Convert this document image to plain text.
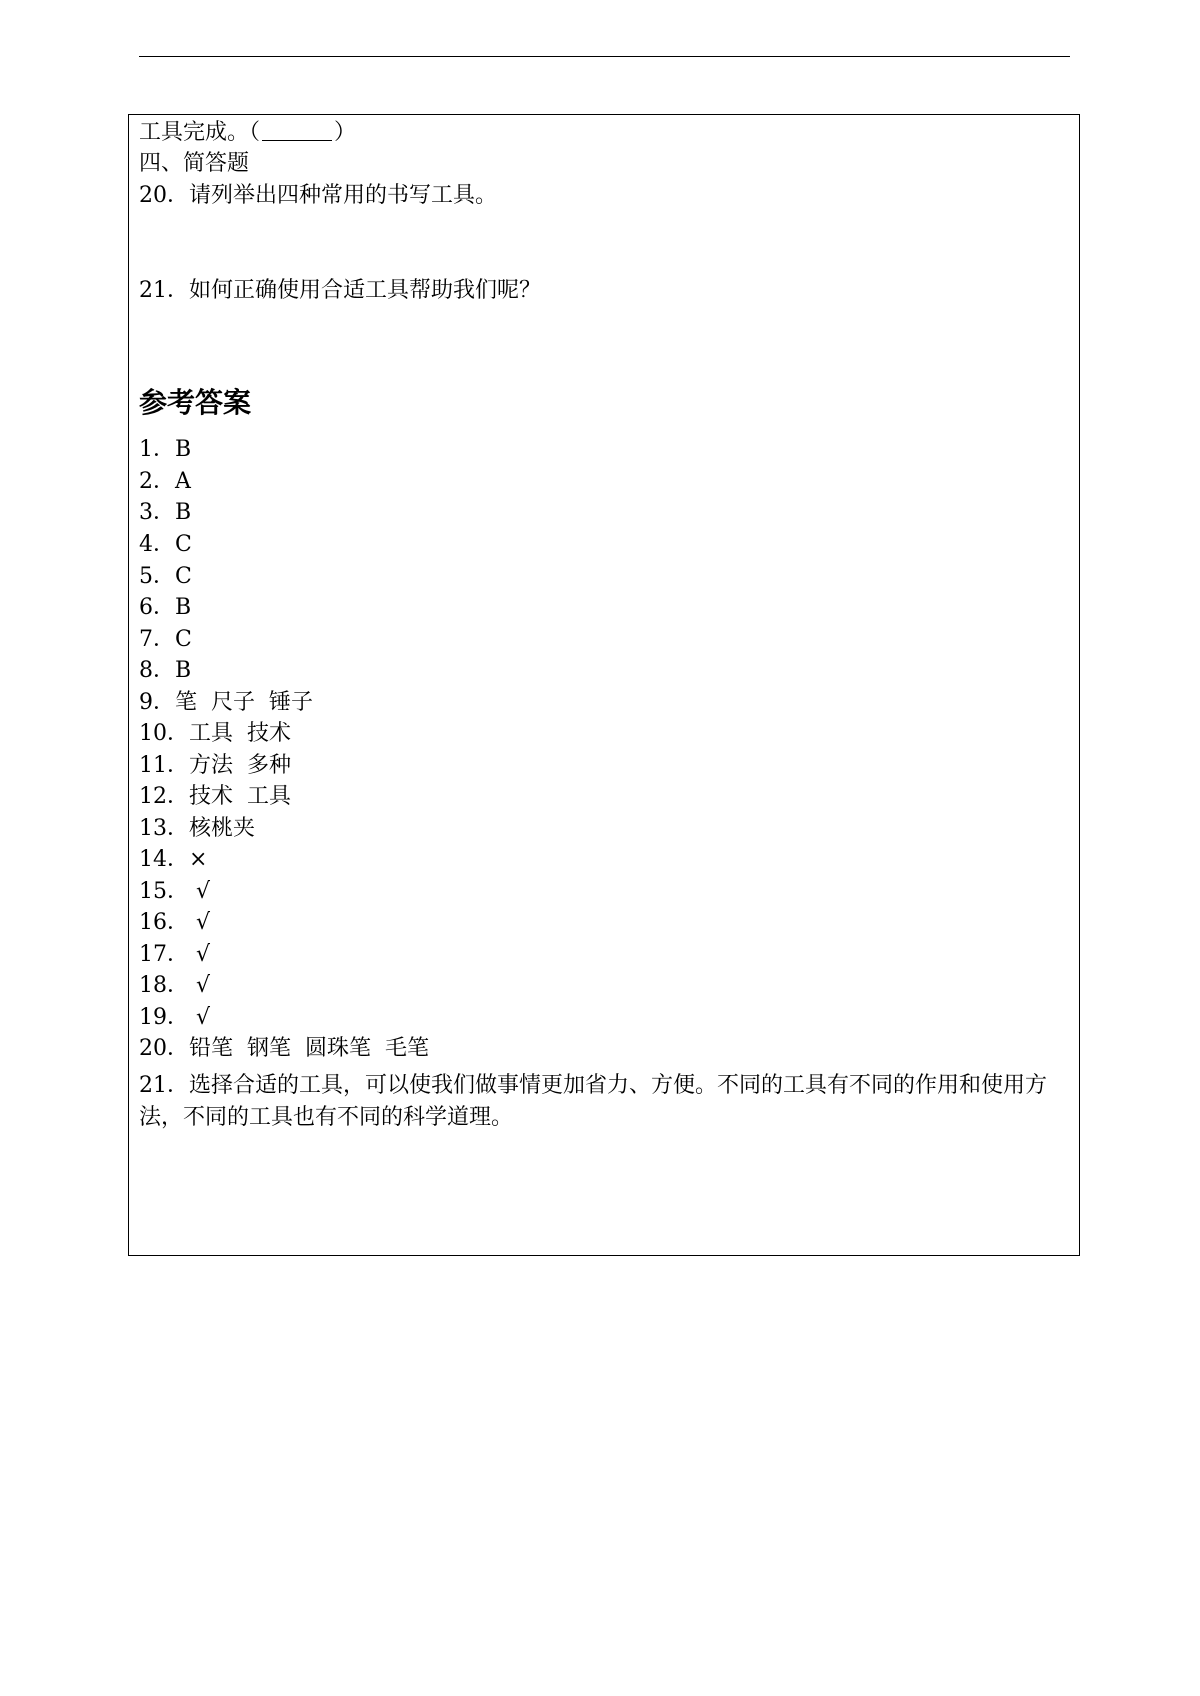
工具完成。（	）
四、简答题
20．请列举出四种常用的书写工具。
21．如何正确使用合适工具帮助我们呢？
参考答案
1．B
2．A
3．B
4．C
5．C
6．B
7．C
8．B
9．笔  尺子  锤子
10．工具  技术
11．方法  多种
12．技术  工具
13．核桃夹
14．×
15． √
16． √
17． √
18． √
19． √
20．铅笔  钢笔  圆珠笔  毛笔
21．选择合适的工具，可以使我们做事情更加省力、方便。不同的工具有不同的作用和使用方法，不同的工具也有不同的科学道理。
